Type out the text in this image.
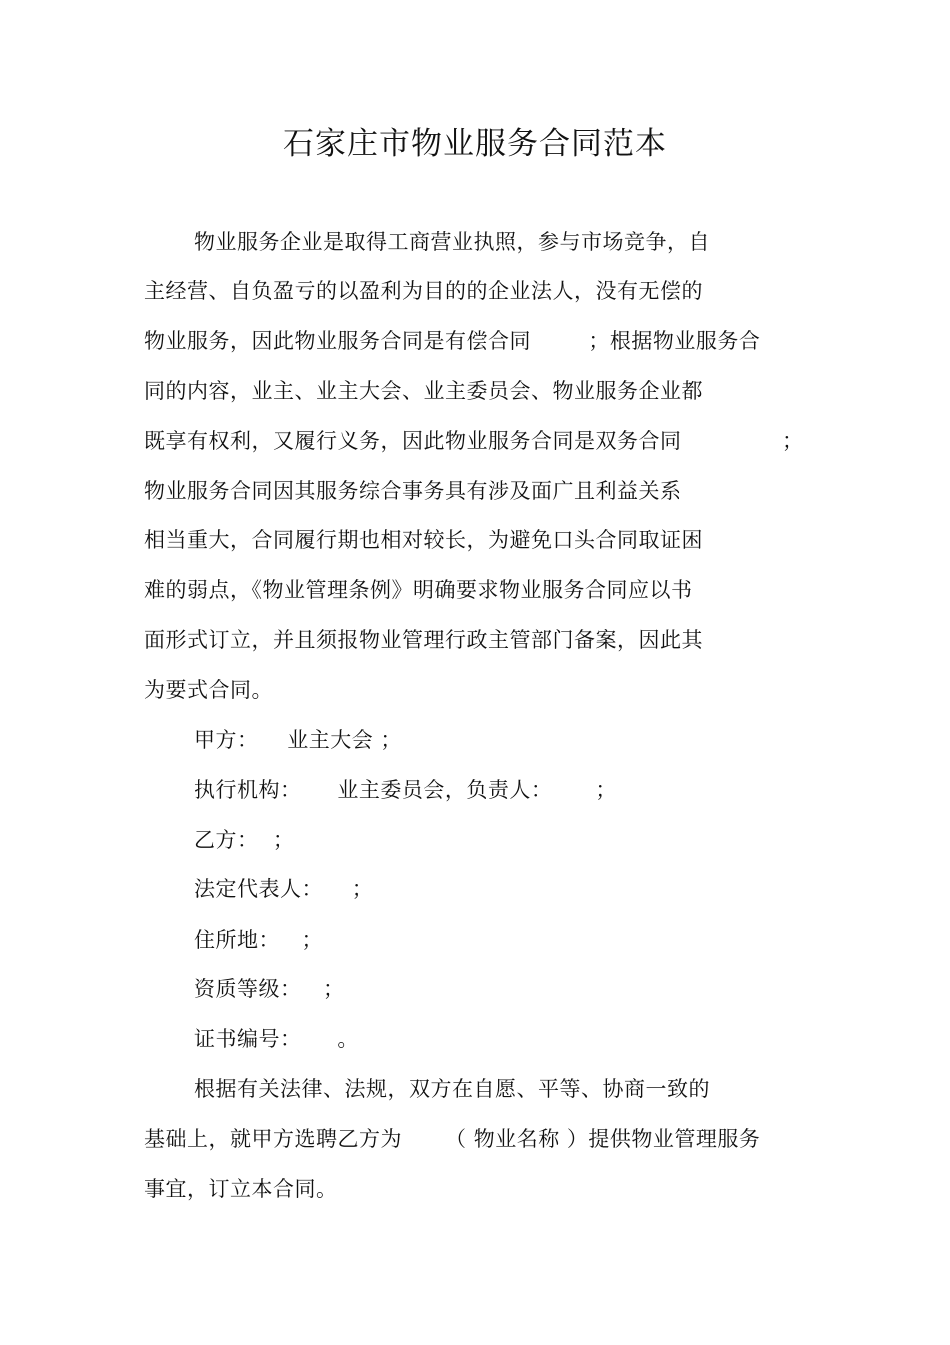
石家庄市物业服务合同范本
物业服务企业是取得工商营业执照，参与市场竞争，自
主经营、自负盈亏的以盈利为目的的企业法人，没有无偿的
物业服务，因此物业服务合同是有偿合同        ；根据物业服务合
同的内容，业主、业主大会、业主委员会、物业服务企业都
既享有权利，又履行义务，因此物业服务合同是双务合同              ；
物业服务合同因其服务综合事务具有涉及面广且利益关系
相当重大，合同履行期也相对较长，为避免口头合同取证困
难的弱点，《物业管理条例》明确要求物业服务合同应以书
面形式订立，并且须报物业管理行政主管部门备案，因此其
为要式合同。
甲方：    业主大会 ；
执行机构：     业主委员会，负责人：      ；
乙方：  ；
法定代表人：    ；
住所地：   ；
资质等级：   ；
证书编号：     。
根据有关法律、法规，双方在自愿、平等、协商一致的
基础上，就甲方选聘乙方为      （ 物业名称 ）提供物业管理服务
事宜，订立本合同。
